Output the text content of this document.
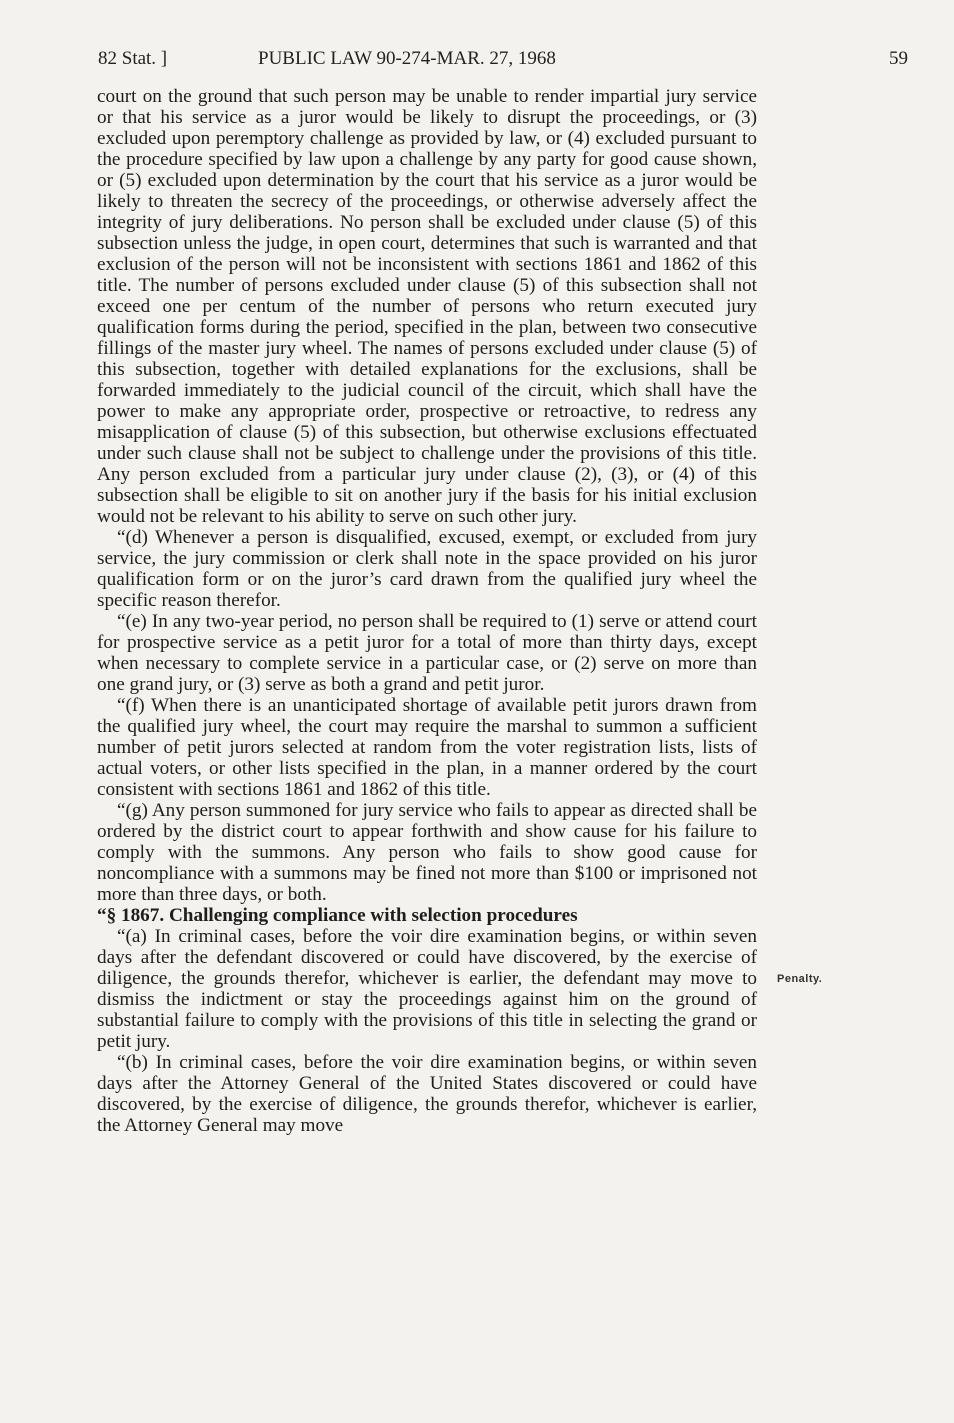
82 Stat. ]	PUBLIC LAW 90-274-MAR. 27, 1968	59

court on the ground that such person may be unable to render impartial jury service or that his service as a juror would be likely to disrupt the proceedings, or (3) excluded upon peremptory challenge as provided by law, or (4) excluded pursuant to the procedure specified by law upon a challenge by any party for good cause shown, or (5) excluded upon determination by the court that his service as a juror would be likely to threaten the secrecy of the proceedings, or otherwise adversely affect the integrity of jury deliberations. No person shall be excluded under clause (5) of this subsection unless the judge, in open court, determines that such is warranted and that exclusion of the person will not be inconsistent with sections 1861 and 1862 of this title. The number of persons excluded under clause (5) of this subsection shall not exceed one per centum of the number of persons who return executed jury qualification forms during the period, specified in the plan, between two consecutive fillings of the master jury wheel. The names of persons excluded under clause (5) of this subsection, together with detailed explanations for the exclusions, shall be forwarded immediately to the judicial council of the circuit, which shall have the power to make any appropriate order, prospective or retroactive, to redress any misapplication of clause (5) of this subsection, but otherwise exclusions effectuated under such clause shall not be subject to challenge under the provisions of this title. Any person excluded from a particular jury under clause (2), (3), or (4) of this subsection shall be eligible to sit on another jury if the basis for his initial exclusion would not be relevant to his ability to serve on such other jury.

“(d) Whenever a person is disqualified, excused, exempt, or excluded from jury service, the jury commission or clerk shall note in the space provided on his juror qualification form or on the juror’s card drawn from the qualified jury wheel the specific reason therefor.

“(e) In any two-year period, no person shall be required to (1) serve or attend court for prospective service as a petit juror for a total of more than thirty days, except when necessary to complete service in a particular case, or (2) serve on more than one grand jury, or (3) serve as both a grand and petit juror.

“(f) When there is an unanticipated shortage of available petit jurors drawn from the qualified jury wheel, the court may require the marshal to summon a sufficient number of petit jurors selected at random from the voter registration lists, lists of actual voters, or other lists specified in the plan, in a manner ordered by the court consistent with sections 1861 and 1862 of this title.

“(g) Any person summoned for jury service who fails to appear as directed shall be ordered by the district court to appear forthwith and show cause for his failure to comply with the summons. Any person who fails to show good cause for noncompliance with a summons may be fined not more than $100 or imprisoned not more than three days, or both.

“§ 1867. Challenging compliance with selection procedures

“(a) In criminal cases, before the voir dire examination begins, or within seven days after the defendant discovered or could have discovered, by the exercise of diligence, the grounds therefor, whichever is earlier, the defendant may move to dismiss the indictment or stay the proceedings against him on the ground of substantial failure to comply with the provisions of this title in selecting the grand or petit jury.

“(b) In criminal cases, before the voir dire examination begins, or within seven days after the Attorney General of the United States discovered or could have discovered, by the exercise of diligence, the grounds therefor, whichever is earlier, the Attorney General may move

Penalty.
